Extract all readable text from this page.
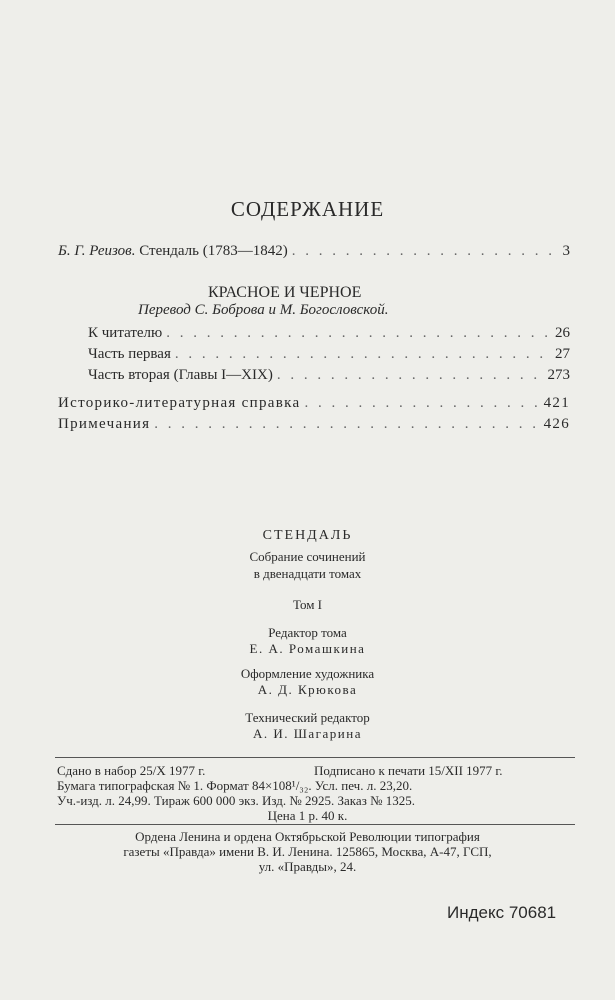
СОДЕРЖАНИЕ
Б. Г. Реизов. Стендаль (1783—1842) . . .	3
КРАСНОЕ И ЧЕРНОЕ
Перевод С. Боброва и М. Богословской.
К читателю . . .	26
Часть первая . . .	27
Часть вторая (Главы I—XIX) . . .	273
Историко-литературная справка . . .	421
Примечания . . .	426
СТЕНДАЛЬ
Собрание сочинений
в двенадцати томах
Том I
Редактор тома
Е. А. Ромашкина
Оформление художника
А. Д. Крюкова
Технический редактор
А. И. Шагарина
Сдано в набор 25/X 1977 г.	Подписано к печати 15/XII 1977 г.
Бумага типографская № 1. Формат 84×108¹/₃₂. Усл. печ. л. 23,20.
Уч.-изд. л. 24,99. Тираж 600 000 экз. Изд. № 2925. Заказ № 1325.
Цена 1 р. 40 к.
Ордена Ленина и ордена Октябрьской Революции типография
газеты «Правда» имени В. И. Ленина. 125865, Москва, А-47, ГСП,
ул. «Правды», 24.
Индекс 70681
